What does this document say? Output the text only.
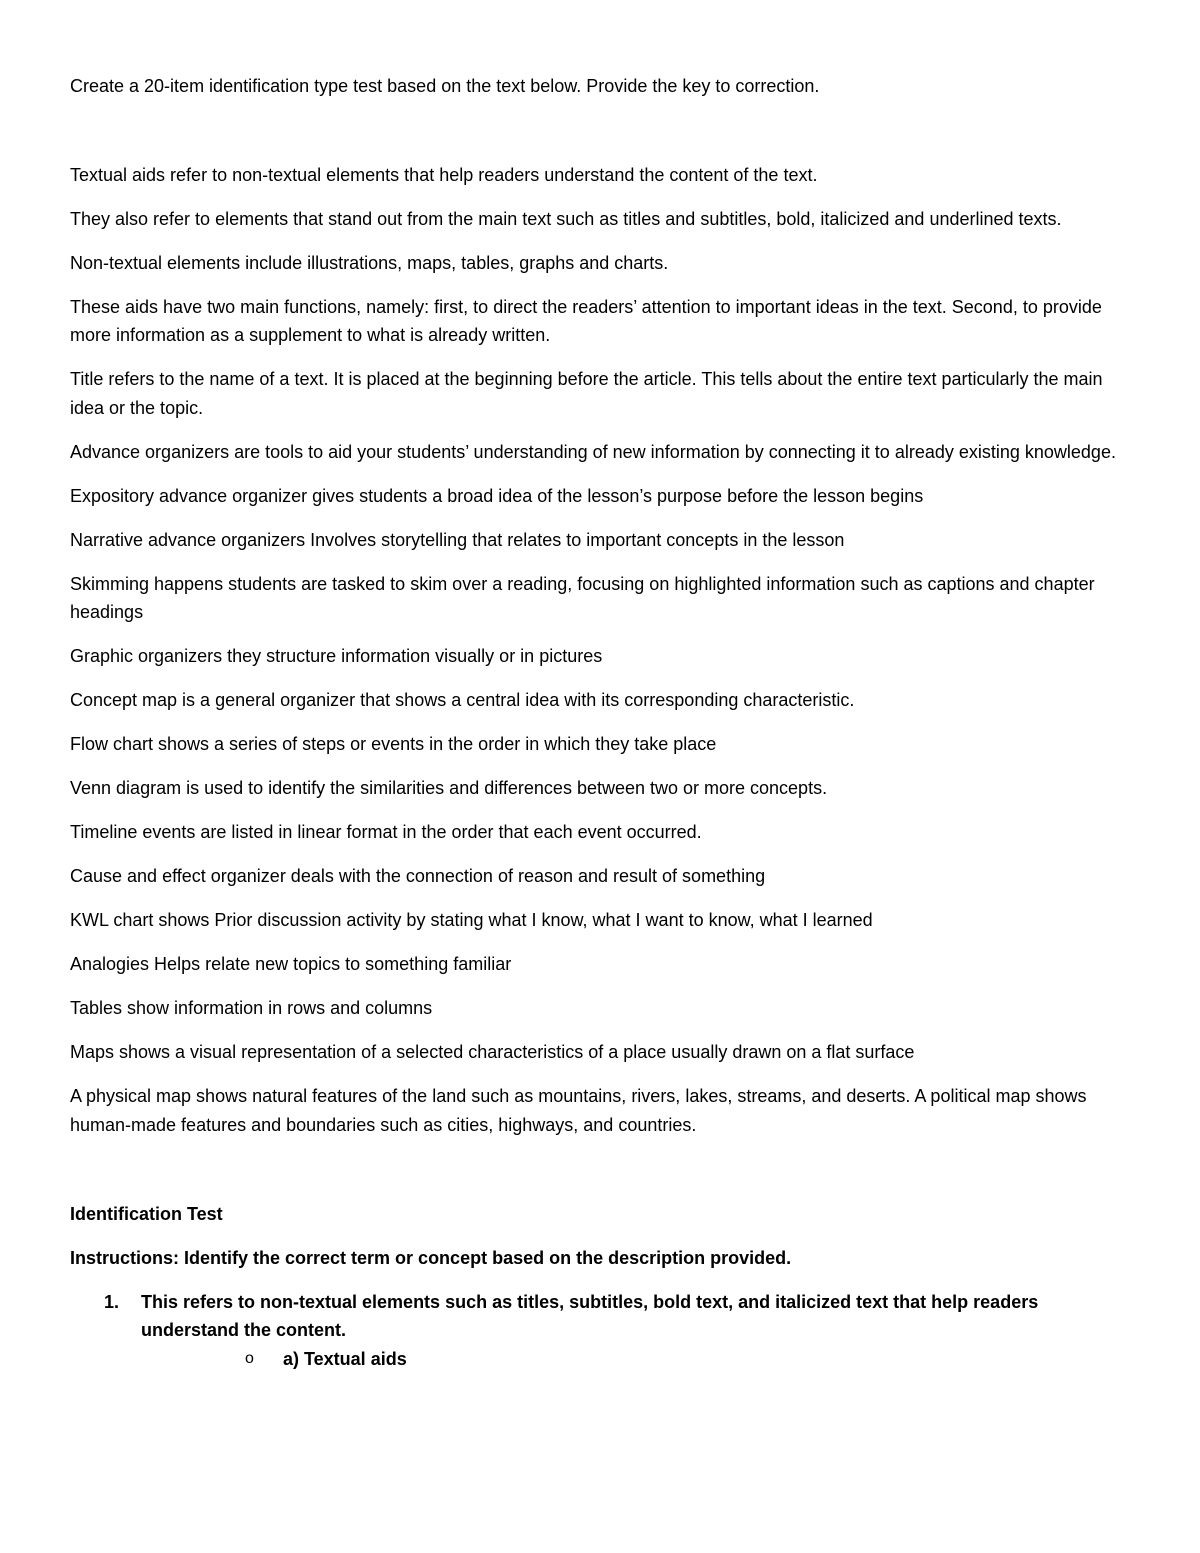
Create a 20-item identification type test based on the text below. Provide the key to correction.
Textual aids refer to non-textual elements that help readers understand the content of the text.
They also refer to elements that stand out from the main text such as titles and subtitles, bold, italicized and underlined texts.
Non-textual elements include illustrations, maps, tables, graphs and charts.
These aids have two main functions, namely: first, to direct the readers’ attention to important ideas in the text. Second, to provide more information as a supplement to what is already written.
Title refers to the name of a text. It is placed at the beginning before the article. This tells about the entire text particularly the main idea or the topic.
Advance organizers are tools to aid your students’ understanding of new information by connecting it to already existing knowledge.
Expository advance organizer gives students a broad idea of the lesson’s purpose before the lesson begins
Narrative advance organizers Involves storytelling that relates to important concepts in the lesson
Skimming happens students are tasked to skim over a reading, focusing on highlighted information such as captions and chapter headings
Graphic organizers they structure information visually or in pictures
Concept map is a general organizer that shows a central idea with its corresponding characteristic.
Flow chart shows a series of steps or events in the order in which they take place
Venn diagram is used to identify the similarities and differences between two or more concepts.
Timeline events are listed in linear format in the order that each event occurred.
Cause and effect organizer deals with the connection of reason and result of something
KWL chart shows Prior discussion activity by stating what I know, what I want to know, what I learned
Analogies Helps relate new topics to something familiar
Tables show information in rows and columns
Maps shows a visual representation of a selected characteristics of a place usually drawn on a flat surface
A physical map shows natural features of the land such as mountains, rivers, lakes, streams, and deserts. A political map shows human-made features and boundaries such as cities, highways, and countries.
Identification Test
Instructions: Identify the correct term or concept based on the description provided.
1. This refers to non-textual elements such as titles, subtitles, bold text, and italicized text that help readers understand the content.
o a) Textual aids
